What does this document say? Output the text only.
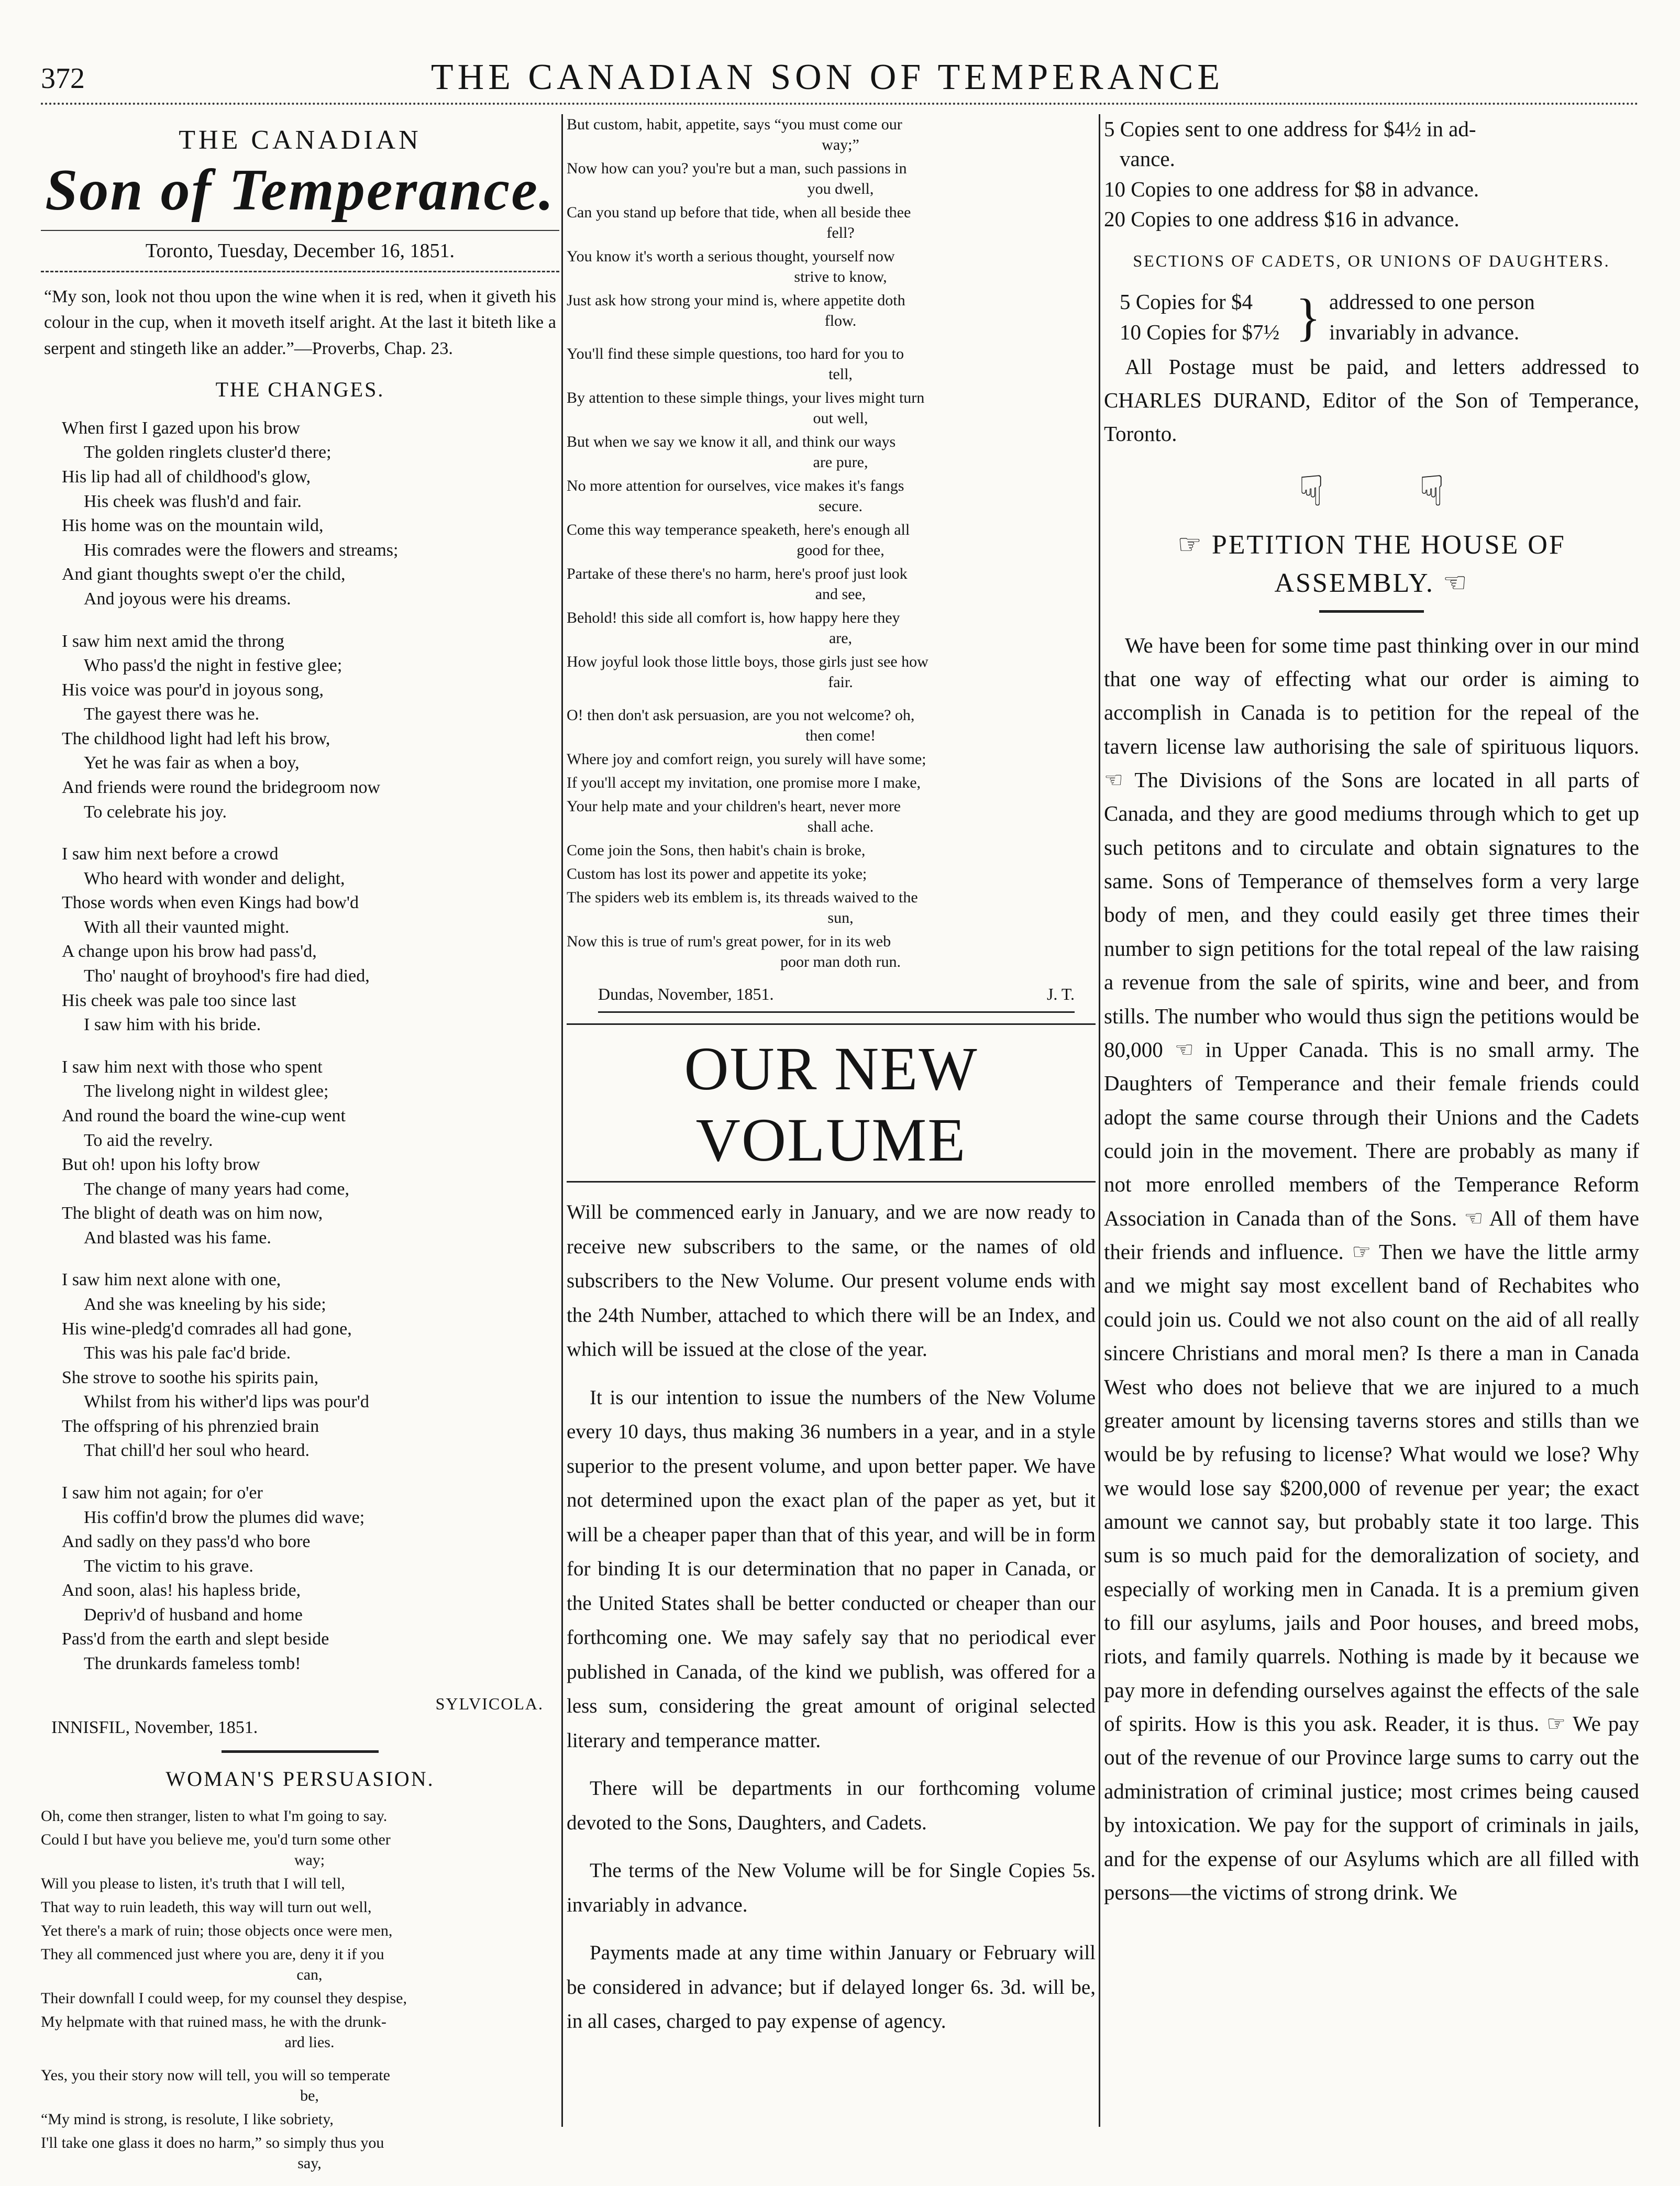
372	THE CANADIAN SON OF TEMPERANCE
THE CANADIAN
Son of Temperance.
Toronto, Tuesday, December 16, 1851.
“My son, look not thou upon the wine when it is red, when it giveth his colour in the cup, when it moveth itself aright. At the last it biteth like a serpent and stingeth like an adder.”—Proverbs, Chap. 23.
THE CHANGES.
When first I gazed upon his brow
The golden ringlets cluster'd there;
His lip had all of childhood's glow,
His cheek was flush'd and fair.
His home was on the mountain wild,
His comrades were the flowers and streams;
And giant thoughts swept o'er the child,
And joyous were his dreams.
I saw him next amid the throng
Who pass'd the night in festive glee;
His voice was pour'd in joyous song,
The gayest there was he.
The childhood light had left his brow,
Yet he was fair as when a boy,
And friends were round the bridegroom now
To celebrate his joy.
I saw him next before a crowd
Who heard with wonder and delight,
Those words when even Kings had bow'd
With all their vaunted might.
A change upon his brow had pass'd,
Tho' naught of broyhood's fire had died,
His cheek was pale too since last
I saw him with his bride.
I saw him next with those who spent
The livelong night in wildest glee;
And round the board the wine-cup went
To aid the revelry.
But oh! upon his lofty brow
The change of many years had come,
The blight of death was on him now,
And blasted was his fame.
I saw him next alone with one,
And she was kneeling by his side;
His wine-pledg'd comrades all had gone,
This was his pale fac'd bride.
She strove to soothe his spirits pain,
Whilst from his wither'd lips was pour'd
The offspring of his phrenzied brain
That chill'd her soul who heard.
I saw him not again; for o'er
His coffin'd brow the plumes did wave;
And sadly on they pass'd who bore
The victim to his grave.
And soon, alas! his hapless bride,
Depriv'd of husband and home
Pass'd from the earth and slept beside
The drunkards fameless tomb!
SYLVICOLA.
INNISFIL, November, 1851.
WOMAN'S PERSUASION.
Oh, come then stranger, listen to what I'm going to say.
Could I but have you believe me, you'd turn some other
way;
Will you please to listen, it's truth that I will tell,
That way to ruin leadeth, this way will turn out well,
Yet there's a mark of ruin; those objects once were men,
They all commenced just where you are, deny it if you
can,
Their downfall I could weep, for my counsel they despise,
My helpmate with that ruined mass, he with the drunk-
ard lies.
Yes, you their story now will tell, you will so temperate
be,
“My mind is strong, is resolute, I like sobriety,
I'll take one glass it does no harm,” so simply thus you
say,
But custom, habit, appetite, says “you must come our
way;”
Now how can you? you're but a man, such passions in
you dwell,
Can you stand up before that tide, when all beside thee
fell?
You know it's worth a serious thought, yourself now
strive to know,
Just ask how strong your mind is, where appetite doth
flow.
You'll find these simple questions, too hard for you to
tell,
By attention to these simple things, your lives might turn
out well,
But when we say we know it all, and think our ways
are pure,
No more attention for ourselves, vice makes it's fangs
secure.
Come this way temperance speaketh, here's enough all
good for thee,
Partake of these there's no harm, here's proof just look
and see,
Behold! this side all comfort is, how happy here they
are,
How joyful look those little boys, those girls just see how
fair.
O! then don't ask persuasion, are you not welcome? oh,
then come!
Where joy and comfort reign, you surely will have some;
If you'll accept my invitation, one promise more I make,
Your help mate and your children's heart, never more
shall ache.
Come join the Sons, then habit's chain is broke,
Custom has lost its power and appetite its yoke;
The spiders web its emblem is, its threads waived to the
sun,
Now this is true of rum's great power, for in its web
poor man doth run.
Dundas, November, 1851.	J. T.
OUR NEW VOLUME

Will be commenced early in January, and we are now ready to receive new subscribers to the same, or the names of old subscribers to the New Volume. Our present volume ends with the 24th Number, attached to which there will be an Index, and which will be issued at the close of the year.

It is our intention to issue the numbers of the New Volume every 10 days, thus making 36 numbers in a year, and in a style superior to the present volume, and upon better paper. We have not determined upon the exact plan of the paper as yet, but it will be a cheaper paper than that of this year, and will be in form for binding It is our determination that no paper in Canada, or the United States shall be better conducted or cheaper than our forthcoming one. We may safely say that no periodical ever published in Canada, of the kind we publish, was offered for a less sum, considering the great amount of original selected literary and temperance matter.

There will be departments in our forthcoming volume devoted to the Sons, Daughters, and Cadets.

The terms of the New Volume will be for Single Copies 5s. invariably in advance.

Payments made at any time within January or February will be considered in advance; but if delayed longer 6s. 3d. will be, in all cases, charged to pay expense of agency.

5 Copies sent to one address for $4½ in ad-
vance.
10 Copies to one address for $8 in advance.
20 Copies to one address $16 in advance.
SECTIONS OF CADETS, OR UNIONS OF DAUGHTERS.
5 Copies for $4
10 Copies for $7½ } addressed to one person
invariably in advance.
All Postage must be paid, and letters addressed to CHARLES DURAND, Editor of the Son of Temperance, Toronto.
☟ ☟
☞ PETITION THE HOUSE OF ASSEMBLY. ☜
We have been for some time past thinking over in our mind that one way of effecting what our order is aiming to accomplish in Canada is to petition for the repeal of the tavern license law authorising the sale of spirituous liquors. ☜ The Divisions of the Sons are located in all parts of Canada, and they are good mediums through which to get up such petitons and to circulate and obtain signatures to the same. Sons of Temperance of themselves form a very large body of men, and they could easily get three times their number to sign petitions for the total repeal of the law raising a revenue from the sale of spirits, wine and beer, and from stills. The number who would thus sign the petitions would be 80,000 ☜ in Upper Canada. This is no small army. The Daughters of Temperance and their female friends could adopt the same course through their Unions and the Cadets could join in the movement. There are probably as many if not more enrolled members of the Temperance Reform Association in Canada than of the Sons. ☜ All of them have their friends and influence. ☞ Then we have the little army and we might say most excellent band of Rechabites who could join us. Could we not also count on the aid of all really sincere Christians and moral men? Is there a man in Canada West who does not believe that we are injured to a much greater amount by licensing taverns stores and stills than we would be by refusing to license? What would we lose? Why we would lose say $200,000 of revenue per year; the exact amount we cannot say, but probably state it too large. This sum is so much paid for the demoralization of society, and especially of working men in Canada. It is a premium given to fill our asylums, jails and Poor houses, and breed mobs, riots, and family quarrels. Nothing is made by it because we pay more in defending ourselves against the effects of the sale of spirits. How is this you ask. Reader, it is thus. ☞ We pay out of the revenue of our Province large sums to carry out the administration of criminal justice; most crimes being caused by intoxication. We pay for the support of criminals in jails, and for the expense of our Asylums which are all filled with persons—the victims of strong drink. We
